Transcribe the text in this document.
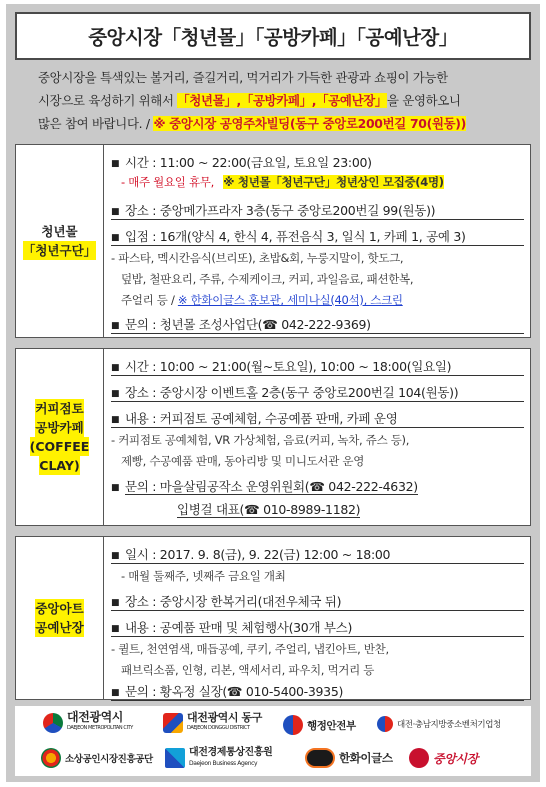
중앙시장「청년몰」「공방카페」「공예난장」
중앙시장을 특색있는 볼거리, 즐길거리, 먹거리가 가득한 관광과 쇼핑이 가능한
시장으로 육성하기 위해서 「청년몰」,「공방카페」,「공예난장」을 운영하오니
많은 참여 바랍니다. / ※ 중앙시장 공영주차빌딩(동구 중앙로200번길 70(원동))
청년몰
「청년구단」
■ 시간 : 11:00 ~ 22:00(금요일, 토요일 23:00)
- 매주 월요일 휴무, ※ 청년몰「청년구단」청년상인 모집중(4명)
■ 장소 : 중앙메가프라자 3층(동구 중앙로200번길 99(원동))
■ 입점 : 16개(양식 4, 한식 4, 퓨전음식 3, 일식 1, 카페 1, 공예 3)
- 파스타, 멕시칸음식(브리또), 초밥&회, 누룽지말이, 핫도그,
덮밥, 철판요리, 주류, 수제케이크, 커피, 과일음료, 패션한복,
주얼리 등 / ※ 한화이글스 홍보관, 세미나실(40석), 스크린
■ 문의 : 청년몰 조성사업단(☎ 042-222-9369)
커피점토
공방카페
(COFFEE
CLAY)
■ 시간 : 10:00 ~ 21:00(월~토요일), 10:00 ~ 18:00(일요일)
■ 장소 : 중앙시장 이벤트홀 2층(동구 중앙로200번길 104(원동))
■ 내용 : 커피점토 공예체험, 수공예품 판매, 카페 운영
- 커피점토 공예체험, VR 가상체험, 음료(커피, 녹차, 쥬스 등),
제빵, 수공예품 판매, 동아리방 및 미니도서관 운영
■ 문의 : 마을살림공작소 운영위원회(☎ 042-222-4632)
입병걸 대표(☎ 010-8989-1182)
중앙아트
공예난장
■ 일시 : 2017. 9. 8(금), 9. 22(금) 12:00 ~ 18:00
- 매월 둘째주, 넷째주 금요일 개최
■ 장소 : 중앙시장 한복거리(대전우체국 뒤)
■ 내용 : 공예품 판매 및 체험행사(30개 부스)
- 퀼트, 천연염색, 매듭공예, 쿠키, 주얼리, 냅킨아트, 반찬,
패브릭소품, 인형, 리본, 액세서리, 파우치, 먹거리 등
■ 문의 : 황옥정 실장(☎ 010-5400-3935)
대전광역시
DAEJEON METROPOLITAN CITY
대전광역시 동구
DAEJEON DONGGU DISTRICT	행정안전부	대전·충남지방중소벤처기업청
소상공인시장진흥공단
대전경제통상진흥원
Daejeon Business Agency	한화이글스	중앙시장
